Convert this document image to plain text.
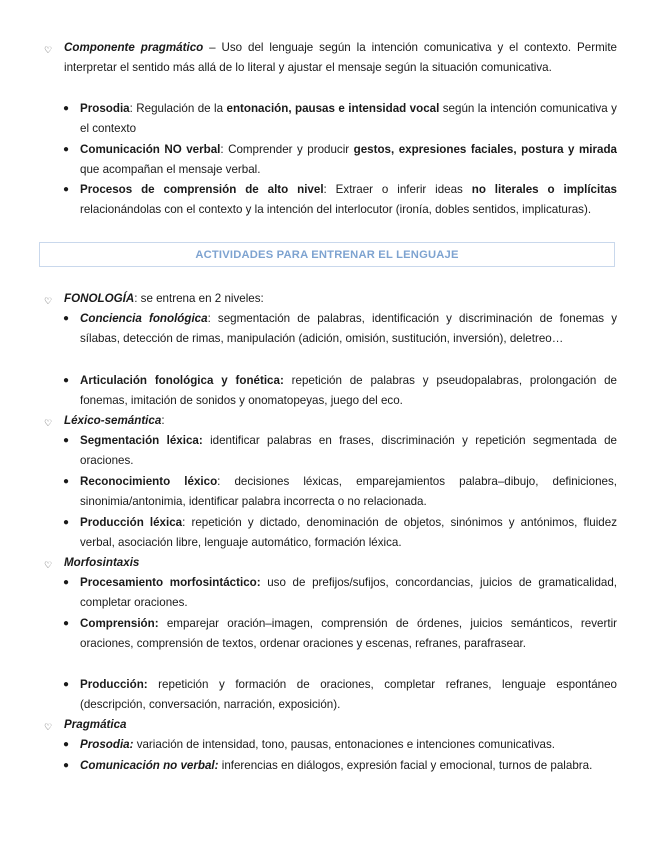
♡ Componente pragmático – Uso del lenguaje según la intención comunicativa y el contexto. Permite interpretar el sentido más allá de lo literal y ajustar el mensaje según la situación comunicativa.
● Prosodia: Regulación de la entonación, pausas e intensidad vocal según la intención comunicativa y el contexto
● Comunicación NO verbal: Comprender y producir gestos, expresiones faciales, postura y mirada que acompañan el mensaje verbal.
● Procesos de comprensión de alto nivel: Extraer o inferir ideas no literales o implícitas relacionándolas con el contexto y la intención del interlocutor (ironía, dobles sentidos, implicaturas).
ACTIVIDADES PARA ENTRENAR EL LENGUAJE
♡ FONOLOGÍA: se entrena en 2 niveles:
● Conciencia fonológica: segmentación de palabras, identificación y discriminación de fonemas y sílabas, detección de rimas, manipulación (adición, omisión, sustitución, inversión), deletreo…
● Articulación fonológica y fonética: repetición de palabras y pseudopalabras, prolongación de fonemas, imitación de sonidos y onomatopeyas, juego del eco.
♡ Léxico-semántica:
● Segmentación léxica: identificar palabras en frases, discriminación y repetición segmentada de oraciones.
● Reconocimiento léxico: decisiones léxicas, emparejamientos palabra–dibujo, definiciones, sinonimia/antonimia, identificar palabra incorrecta o no relacionada.
● Producción léxica: repetición y dictado, denominación de objetos, sinónimos y antónimos, fluidez verbal, asociación libre, lenguaje automático, formación léxica.
♡ Morfosintaxis
● Procesamiento morfosintáctico: uso de prefijos/sufijos, concordancias, juicios de gramaticalidad, completar oraciones.
● Comprensión: emparejar oración–imagen, comprensión de órdenes, juicios semánticos, revertir oraciones, comprensión de textos, ordenar oraciones y escenas, refranes, parafrasear.
● Producción: repetición y formación de oraciones, completar refranes, lenguaje espontáneo (descripción, conversación, narración, exposición).
♡ Pragmática
● Prosodia: variación de intensidad, tono, pausas, entonaciones e intenciones comunicativas.
● Comunicación no verbal: inferencias en diálogos, expresión facial y emocional, turnos de palabra.
